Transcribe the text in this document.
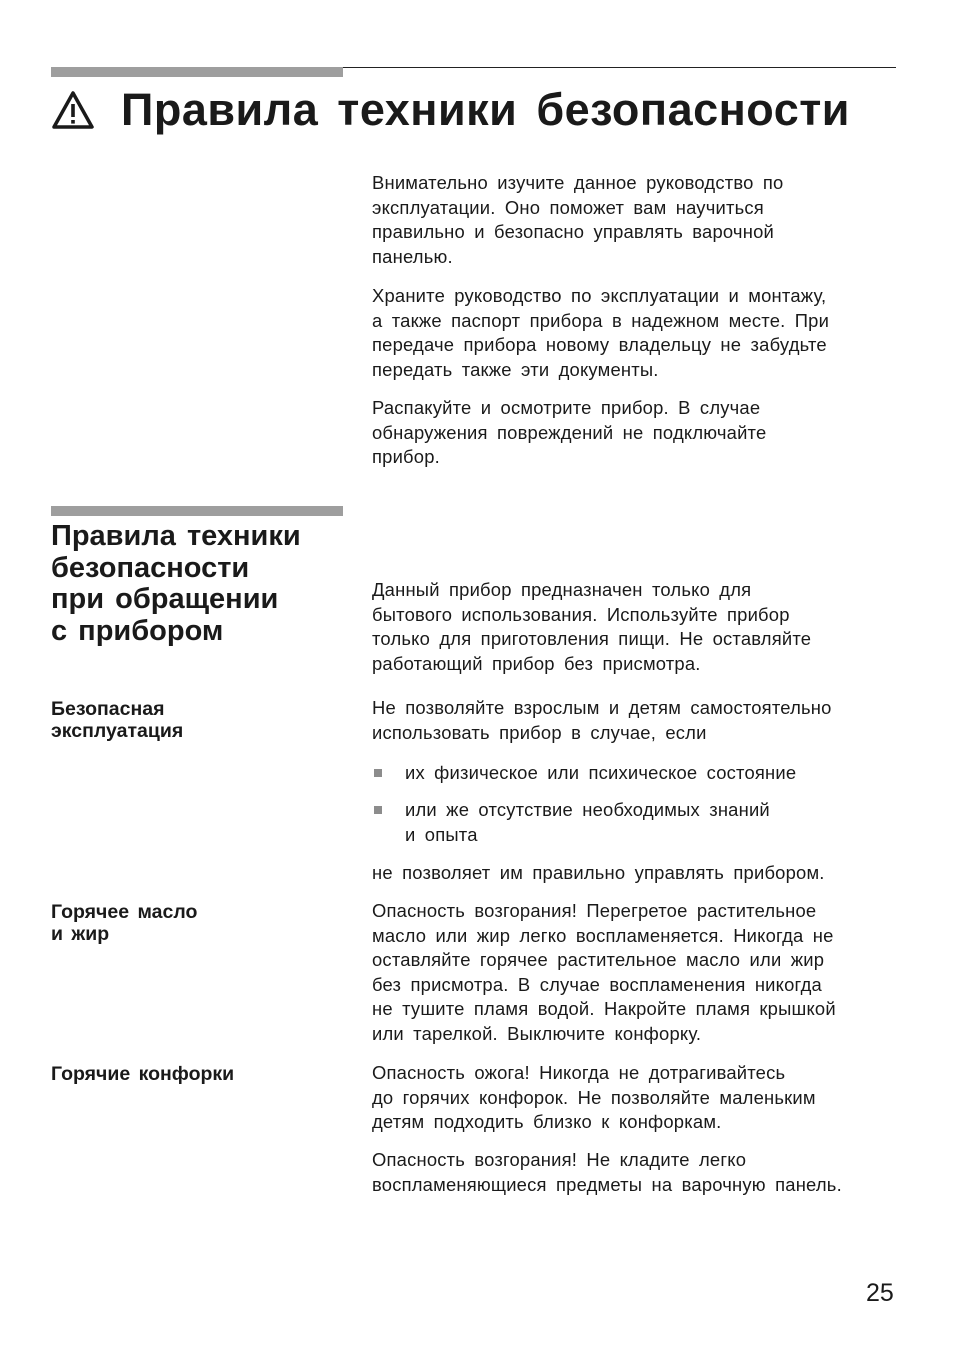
Правила техники безопасности

Внимательно изучите данное руководство по
эксплуатации. Оно поможет вам научиться
правильно и безопасно управлять варочной
панелью.

Храните руководство по эксплуатации и монтажу,
а также паспорт прибора в надежном месте. При
передаче прибора новому владельцу не забудьте
передать также эти документы.

Распакуйте и осмотрите прибор. В случае
обнаружения повреждений не подключайте
прибор.

Правила техники
безопасности
при обращении
с прибором

Данный прибор предназначен только для
бытового использования. Используйте прибор
только для приготовления пищи. Не оставляйте
работающий прибор без присмотра.

Безопасная
эксплуатация

Не позволяйте взрослым и детям самостоятельно
использовать прибор в случае, если

их физическое или психическое состояние

или же отсутствие необходимых знаний
и опыта

не позволяет им правильно управлять прибором.

Горячее масло
и жир

Опасность возгорания! Перегретое растительное
масло или жир легко воспламеняется. Никогда не
оставляйте горячее растительное масло или жир
без присмотра. В случае воспламенения никогда
не тушите пламя водой. Накройте пламя крышкой
или тарелкой. Выключите конфорку.

Горячие конфорки	Опасность ожога! Никогда не дотрагивайтесь
до горячих конфорок. Не позволяйте маленьким
детям подходить близко к конфоркам.

Опасность возгорания! Не кладите легко
воспламеняющиеся предметы на варочную панель.

25
